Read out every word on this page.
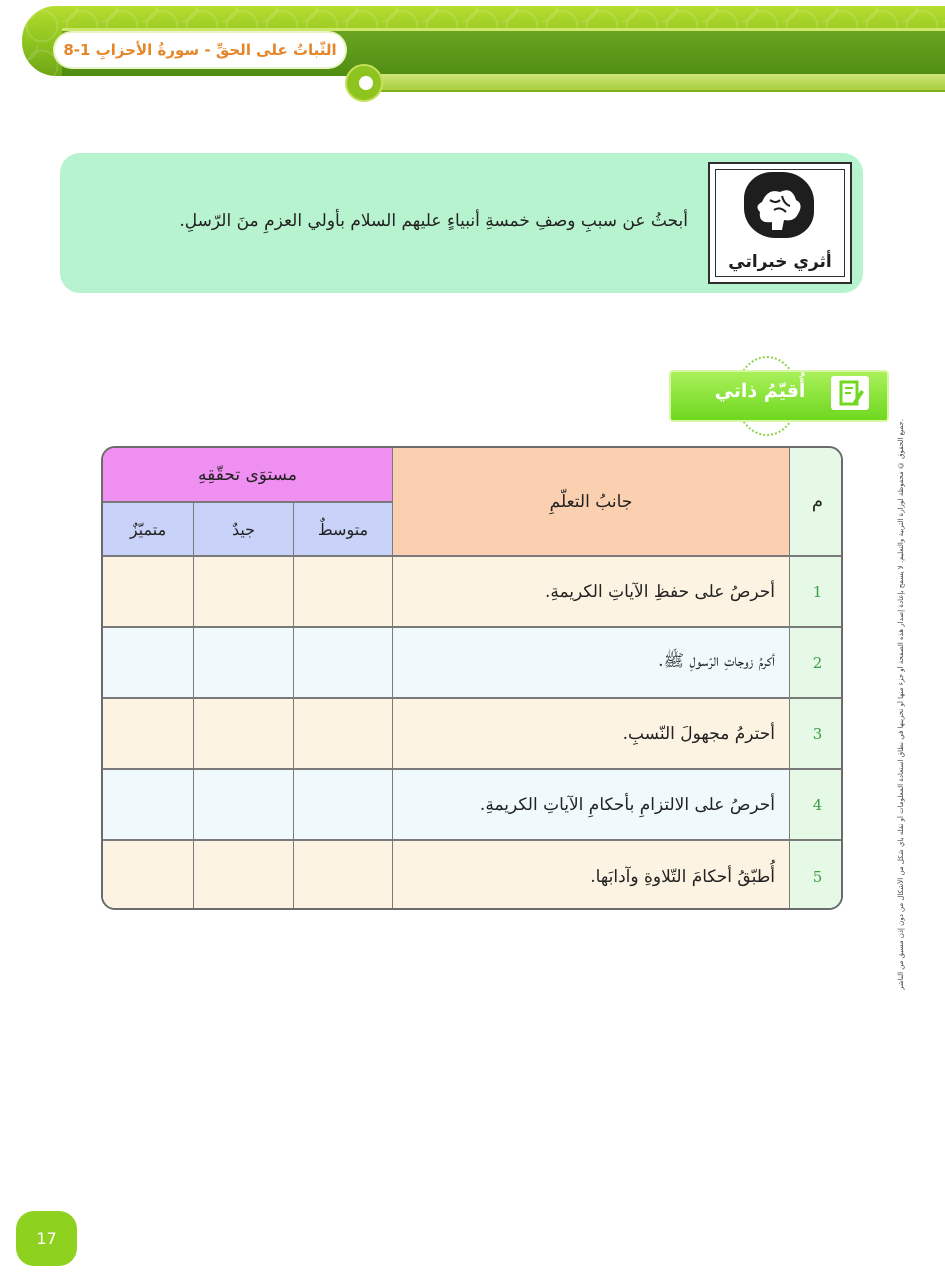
الثّباتُ على الحقِّ - سورةُ الأحزابِ 1-8
أبحثُ عن سببِ وصفِ خمسةِ أنبياءٍ عليهم السلام بأولي العزمِ منَ الرّسلِ.
أثري خبراتي
أُقيّمُ ذاتي
مستوَى تحقّقِهِ
جانبُ التعلّمِ	م
متميّزٌ	جيدٌ	متوسطٌ
أحرصُ على حفظِ الآياتِ الكريمةِ.	1
أكرمُ زوجاتِ الرّسولِ ﷺ.	2
أحترمُ مجهولَ النّسبِ.	3
أحرصُ على الالتزامِ بأحكامِ الآياتِ الكريمةِ.	4
أُطبّقُ أحكامَ التّلاوةِ وآدابَها.	5	جميع الحقوق © محفوظة لوزارة التربية والتعليم. لا يسمح بإعادة إصدار هذه الصفحة أو جزء منها أو تخزينها في نطاق استعادة المعلومات أو نقله بأي شكل من الأشكال من دون إذن مسبق من الناشر.
17
